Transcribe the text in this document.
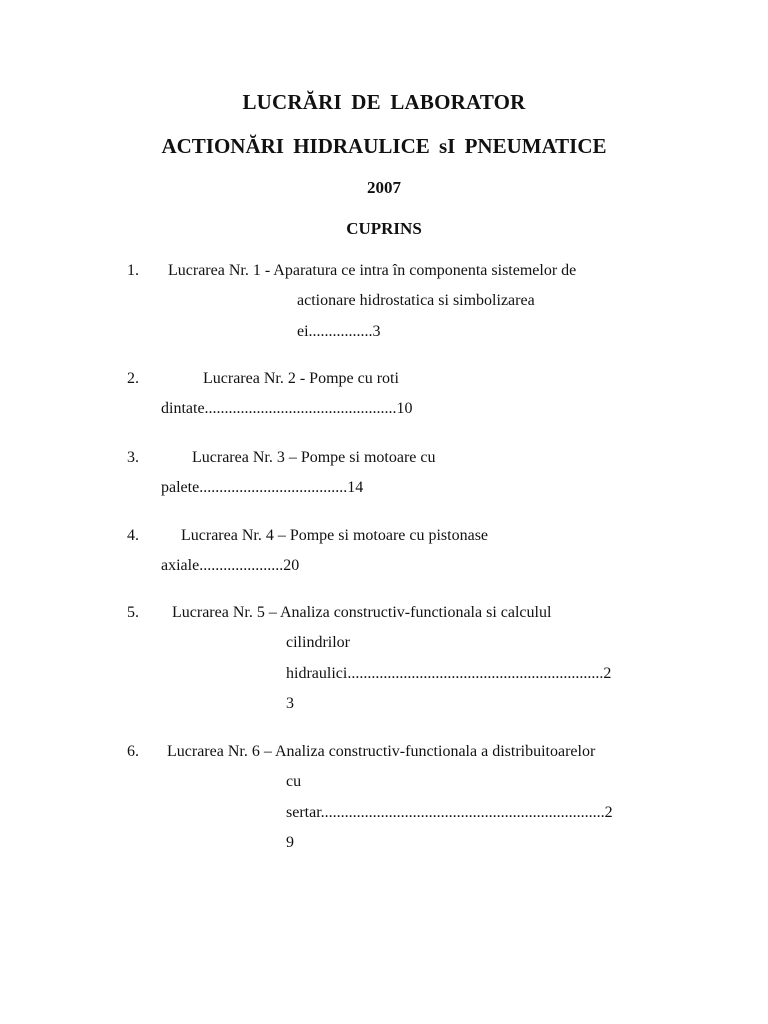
LUCRĂRI DE LABORATOR
ACTIONĂRI HIDRAULICE sI PNEUMATICE
2007
CUPRINS
1.	Lucrarea Nr. 1 - Aparatura ce intra în componenta sistemelor de
actionare hidrostatica si simbolizarea
ei................3
2.	Lucrarea Nr. 2 - Pompe cu roti
dintate................................................10
3.	Lucrarea Nr. 3 – Pompe si motoare cu
palete.....................................14
4.	Lucrarea Nr. 4 – Pompe si motoare cu pistonase
axiale.....................20
5.	Lucrarea Nr. 5 – Analiza constructiv-functionala si calculul
cilindrilor
hidraulici................................................................2
3
6.	Lucrarea Nr. 6 – Analiza constructiv-functionala a distribuitoarelor
cu
sertar.......................................................................2
9
